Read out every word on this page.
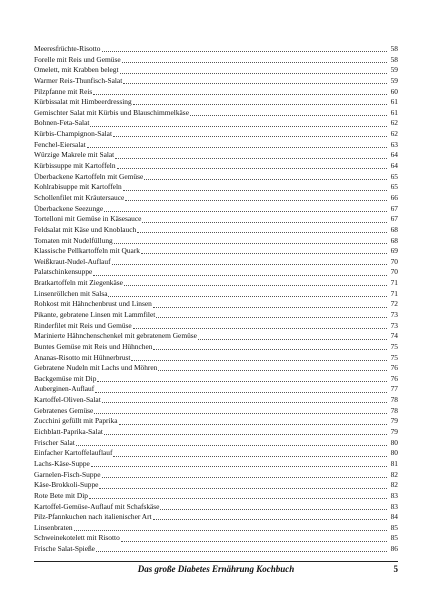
Meeresfrüchte-Risotto	58
Forelle mit Reis und Gemüse	58
Omelett, mit Krabben belegt	59
Warmer Reis-Thunfisch-Salat	59
Pilzpfanne mit Reis	60
Kürbissalat mit Himbeerdressing	61
Gemischter Salat mit Kürbis und Blauschimmelkäse	61
Bohnen-Feta-Salat	62
Kürbis-Champignon-Salat	62
Fenchel-Eiersalat	63
Würzige Makrele mit Salat	64
Kürbissuppe mit Kartoffeln	64
Überbackene Kartoffeln mit Gemüse	65
Kohlrabisuppe mit Kartoffeln	65
Schollenfilet mit Kräutersauce	66
Überbackene Seezunge	67
Tortelloni mit Gemüse in Käsesauce	67
Feldsalat mit Käse und Knoblauch	68
Tomaten mit Nudelfüllung	68
Klassische Pellkartoffeln mit Quark	69
Weißkraut-Nudel-Auflauf	70
Palatschinkensuppe	70
Bratkartoffeln mit Ziegenkäse	71
Linsenröllchen mit Salsa	71
Rohkost mit Hähnchenbrust und Linsen	72
Pikante, gebratene Linsen mit Lammfilet	73
Rinderfilet mit Reis und Gemüse	73
Marinierte Hähnchenschenkel mit gebratenem Gemüse	74
Buntes Gemüse mit Reis und Hühnchen	75
Ananas-Risotto mit Hühnerbrust	75
Gebratene Nudeln mit Lachs und Möhren	76
Backgemüse mit Dip	76
Auberginen-Auflauf	77
Kartoffel-Oliven-Salat	78
Gebratenes Gemüse	78
Zucchini gefüllt mit Paprika	79
Eichblatt-Paprika-Salat	79
Frischer Salat	80
Einfacher Kartoffelauflauf	80
Lachs-Käse-Suppe	81
Garnelen-Fisch-Suppe	82
Käse-Brokkoli-Suppe	82
Rote Bete mit Dip	83
Kartoffel-Gemüse-Auflauf mit Schafskäse	83
Pilz-Pfannkuchen nach italienischer Art	84
Linsenbraten	85
Schweinekotelett mit Risotto	85
Frische Salat-Spieße	86
Das große Diabetes Ernährung Kochbuch	5
